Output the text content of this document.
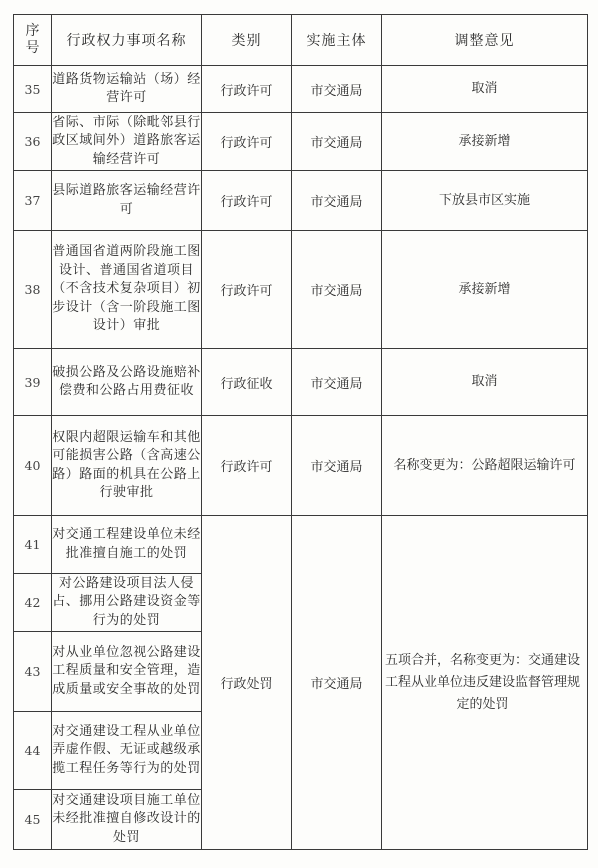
序号	行政权力事项名称	类别	实施主体	调整意见
35	道路货物运输站（场）经营许可	行政许可	市交通局	取消
36	省际、市际（除毗邻县行政区域间外）道路旅客运输经营许可	行政许可	市交通局	承接新增
37	县际道路旅客运输经营许可	行政许可	市交通局	下放县市区实施
38	普通国省道两阶段施工图设计、普通国省道项目（不含技术复杂项目）初步设计（含一阶段施工图设计）审批	行政许可	市交通局	承接新增
39	破损公路及公路设施赔补偿费和公路占用费征收	行政征收	市交通局	取消
40	权限内超限运输车和其他可能损害公路（含高速公路）路面的机具在公路上行驶审批	行政许可	市交通局	名称变更为：公路超限运输许可
41	对交通工程建设单位未经批准擅自施工的处罚	行政处罚	市交通局	五项合并，名称变更为：交通建设工程从业单位违反建设监督管理规定的处罚
42	对公路建设项目法人侵占、挪用公路建设资金等行为的处罚			
43	对从业单位忽视公路建设工程质量和安全管理，造成质量或安全事故的处罚			
44	对交通建设工程从业单位弄虚作假、无证或越级承揽工程任务等行为的处罚			
45	对交通建设项目施工单位未经批准擅自修改设计的处罚			
